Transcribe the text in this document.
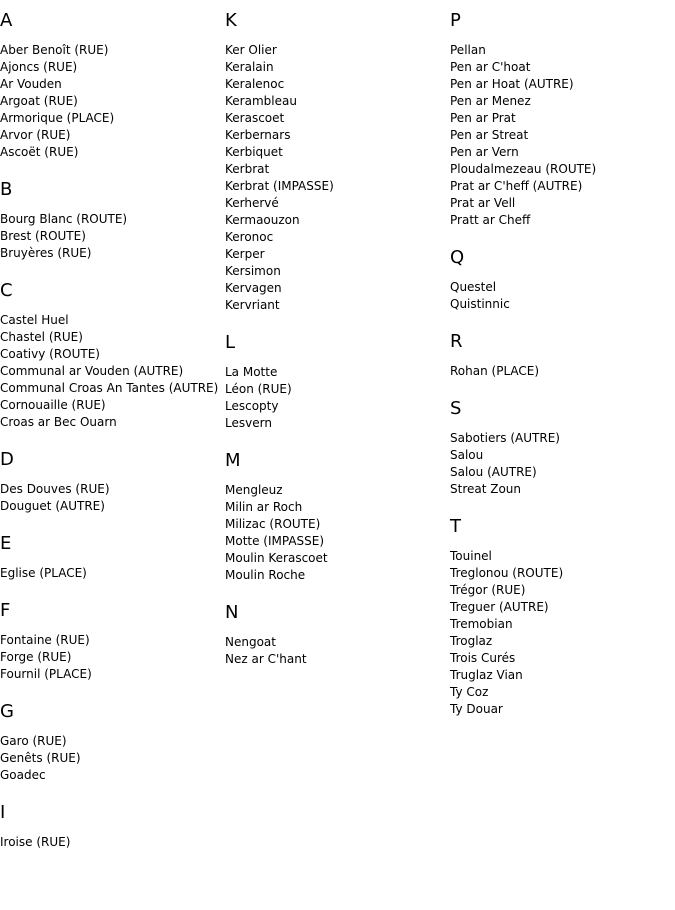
A
Aber Benoît (RUE)
Ajoncs (RUE)
Ar Vouden
Argoat (RUE)
Armorique (PLACE)
Arvor (RUE)
Ascoët (RUE)
B
Bourg Blanc (ROUTE)
Brest (ROUTE)
Bruyères (RUE)
C
Castel Huel
Chastel (RUE)
Coativy (ROUTE)
Communal ar Vouden (AUTRE)
Communal Croas An Tantes (AUTRE)
Cornouaille (RUE)
Croas ar Bec Ouarn
D
Des Douves (RUE)
Douguet (AUTRE)
E
Eglise (PLACE)
F
Fontaine (RUE)
Forge (RUE)
Fournil (PLACE)
G
Garo (RUE)
Genêts (RUE)
Goadec
I
Iroise (RUE)
K
Ker Olier
Keralain
Keralenoc
Kerambleau
Kerascoet
Kerbernars
Kerbiquet
Kerbrat
Kerbrat (IMPASSE)
Kerhervé
Kermaouzon
Keronoc
Kerper
Kersimon
Kervagen
Kervriant
L
La Motte
Léon (RUE)
Lescopty
Lesvern
M
Mengleuz
Milin ar Roch
Milizac (ROUTE)
Motte (IMPASSE)
Moulin Kerascoet
Moulin Roche
N
Nengoat
Nez ar C'hant
P
Pellan
Pen ar C'hoat
Pen ar Hoat (AUTRE)
Pen ar Menez
Pen ar Prat
Pen ar Streat
Pen ar Vern
Ploudalmezeau (ROUTE)
Prat ar C'heff (AUTRE)
Prat ar Vell
Pratt ar Cheff
Q
Questel
Quistinnic
R
Rohan (PLACE)
S
Sabotiers (AUTRE)
Salou
Salou (AUTRE)
Streat Zoun
T
Touinel
Treglonou (ROUTE)
Trégor (RUE)
Treguer (AUTRE)
Tremobian
Troglaz
Trois Curés
Truglaz Vian
Ty Coz
Ty Douar
